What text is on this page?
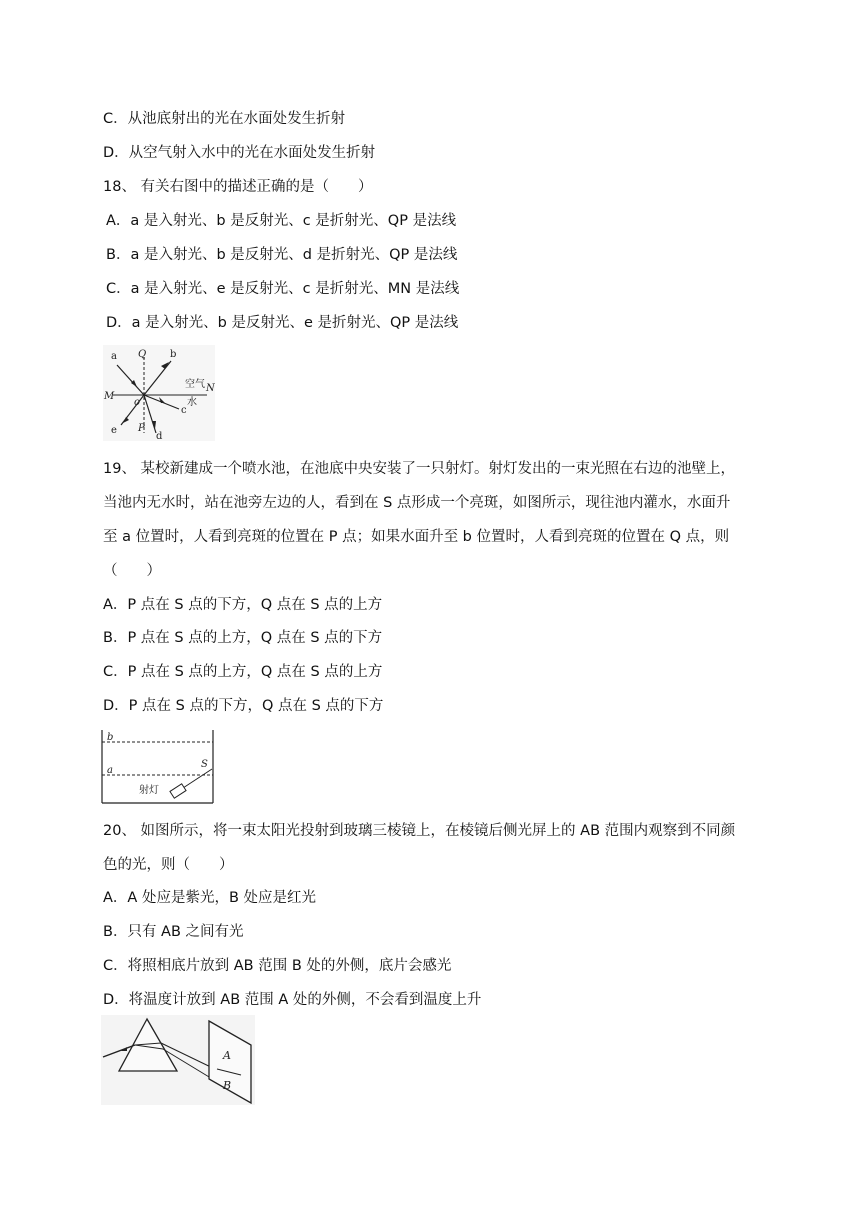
C．从池底射出的光在水面处发生折射
D．从空气射入水中的光在水面处发生折射
18、 有关右图中的描述正确的是（　　）
A．a 是入射光、b 是反射光、c 是折射光、QP 是法线
B．a 是入射光、b 是反射光、d 是折射光、QP 是法线
C．a 是入射光、e 是反射光、c 是折射光、MN 是法线
D．a 是入射光、b 是反射光、e 是折射光、QP 是法线
a Q b
空气 N
M
o	水
c
e P
d
19、 某校新建成一个喷水池，在池底中央安装了一只射灯。射灯发出的一束光照在右边的池壁上，
当池内无水时，站在池旁左边的人，看到在 S 点形成一个亮斑，如图所示，现往池内灌水，水面升
至 a 位置时，人看到亮斑的位置在 P 点；如果水面升至 b 位置时，人看到亮斑的位置在 Q 点，则
（　　）
A．P 点在 S 点的下方，Q 点在 S 点的上方
B．P 点在 S 点的上方，Q 点在 S 点的下方
C．P 点在 S 点的上方，Q 点在 S 点的上方
D．P 点在 S 点的下方，Q 点在 S 点的下方
b
a
S
射灯
20、 如图所示，将一束太阳光投射到玻璃三棱镜上，在棱镜后侧光屏上的 AB 范围内观察到不同颜
色的光，则（　　）
A．A 处应是紫光，B 处应是红光
B．只有 AB 之间有光
C．将照相底片放到 AB 范围 B 处的外侧，底片会感光
D．将温度计放到 AB 范围 A 处的外侧，不会看到温度上升
A
B
